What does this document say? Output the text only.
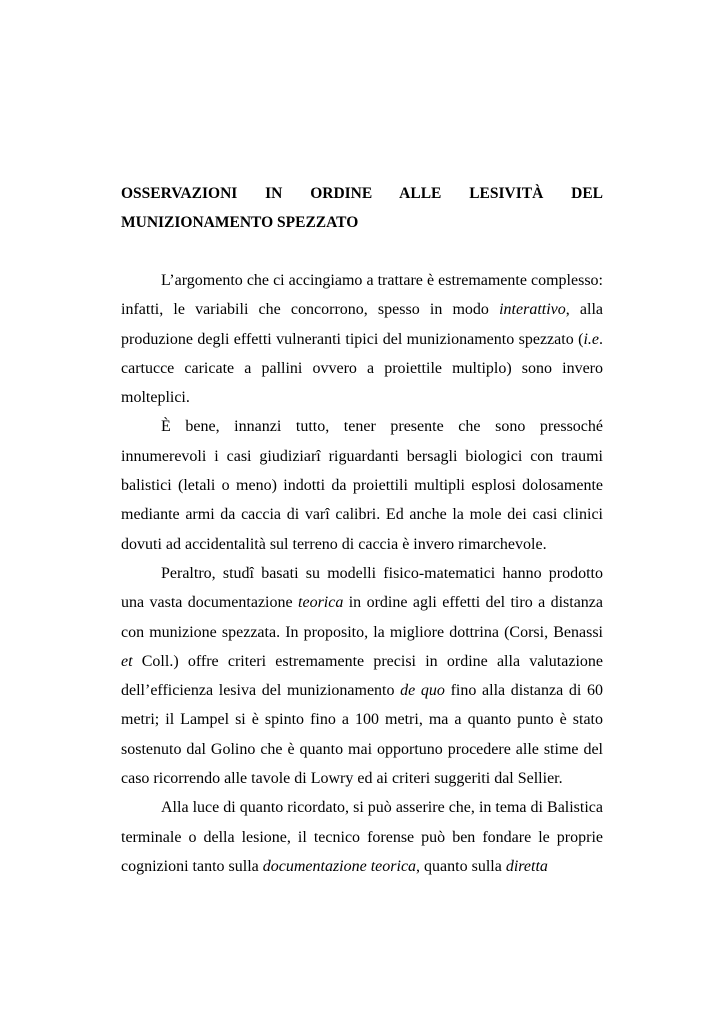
OSSERVAZIONI IN ORDINE ALLE LESIVITÀ DEL
MUNIZIONAMENTO SPEZZATO

L’argomento che ci accingiamo a trattare è estremamente complesso: infatti, le variabili che concorrono, spesso in modo interattivo, alla produzione degli effetti vulneranti tipici del munizionamento spezzato (i.e. cartucce caricate a pallini ovvero a proiettile multiplo) sono invero molteplici.

È bene, innanzi tutto, tener presente che sono pressoché innumerevoli i casi giudiziarî riguardanti bersagli biologici con traumi balistici (letali o meno) indotti da proiettili multipli esplosi dolosamente mediante armi da caccia di varî calibri. Ed anche la mole dei casi clinici dovuti ad accidentalità sul terreno di caccia è invero rimarchevole.

Peraltro, studî basati su modelli fisico-matematici hanno prodotto una vasta documentazione teorica in ordine agli effetti del tiro a distanza con munizione spezzata. In proposito, la migliore dottrina (Corsi, Benassi et Coll.) offre criteri estremamente precisi in ordine alla valutazione dell’efficienza lesiva del munizionamento de quo fino alla distanza di 60 metri; il Lampel si è spinto fino a 100 metri, ma a quanto punto è stato sostenuto dal Golino che è quanto mai opportuno procedere alle stime del caso ricorrendo alle tavole di Lowry ed ai criteri suggeriti dal Sellier.

Alla luce di quanto ricordato, si può asserire che, in tema di Balistica terminale o della lesione, il tecnico forense può ben fondare le proprie cognizioni tanto sulla documentazione teorica, quanto sulla diretta
